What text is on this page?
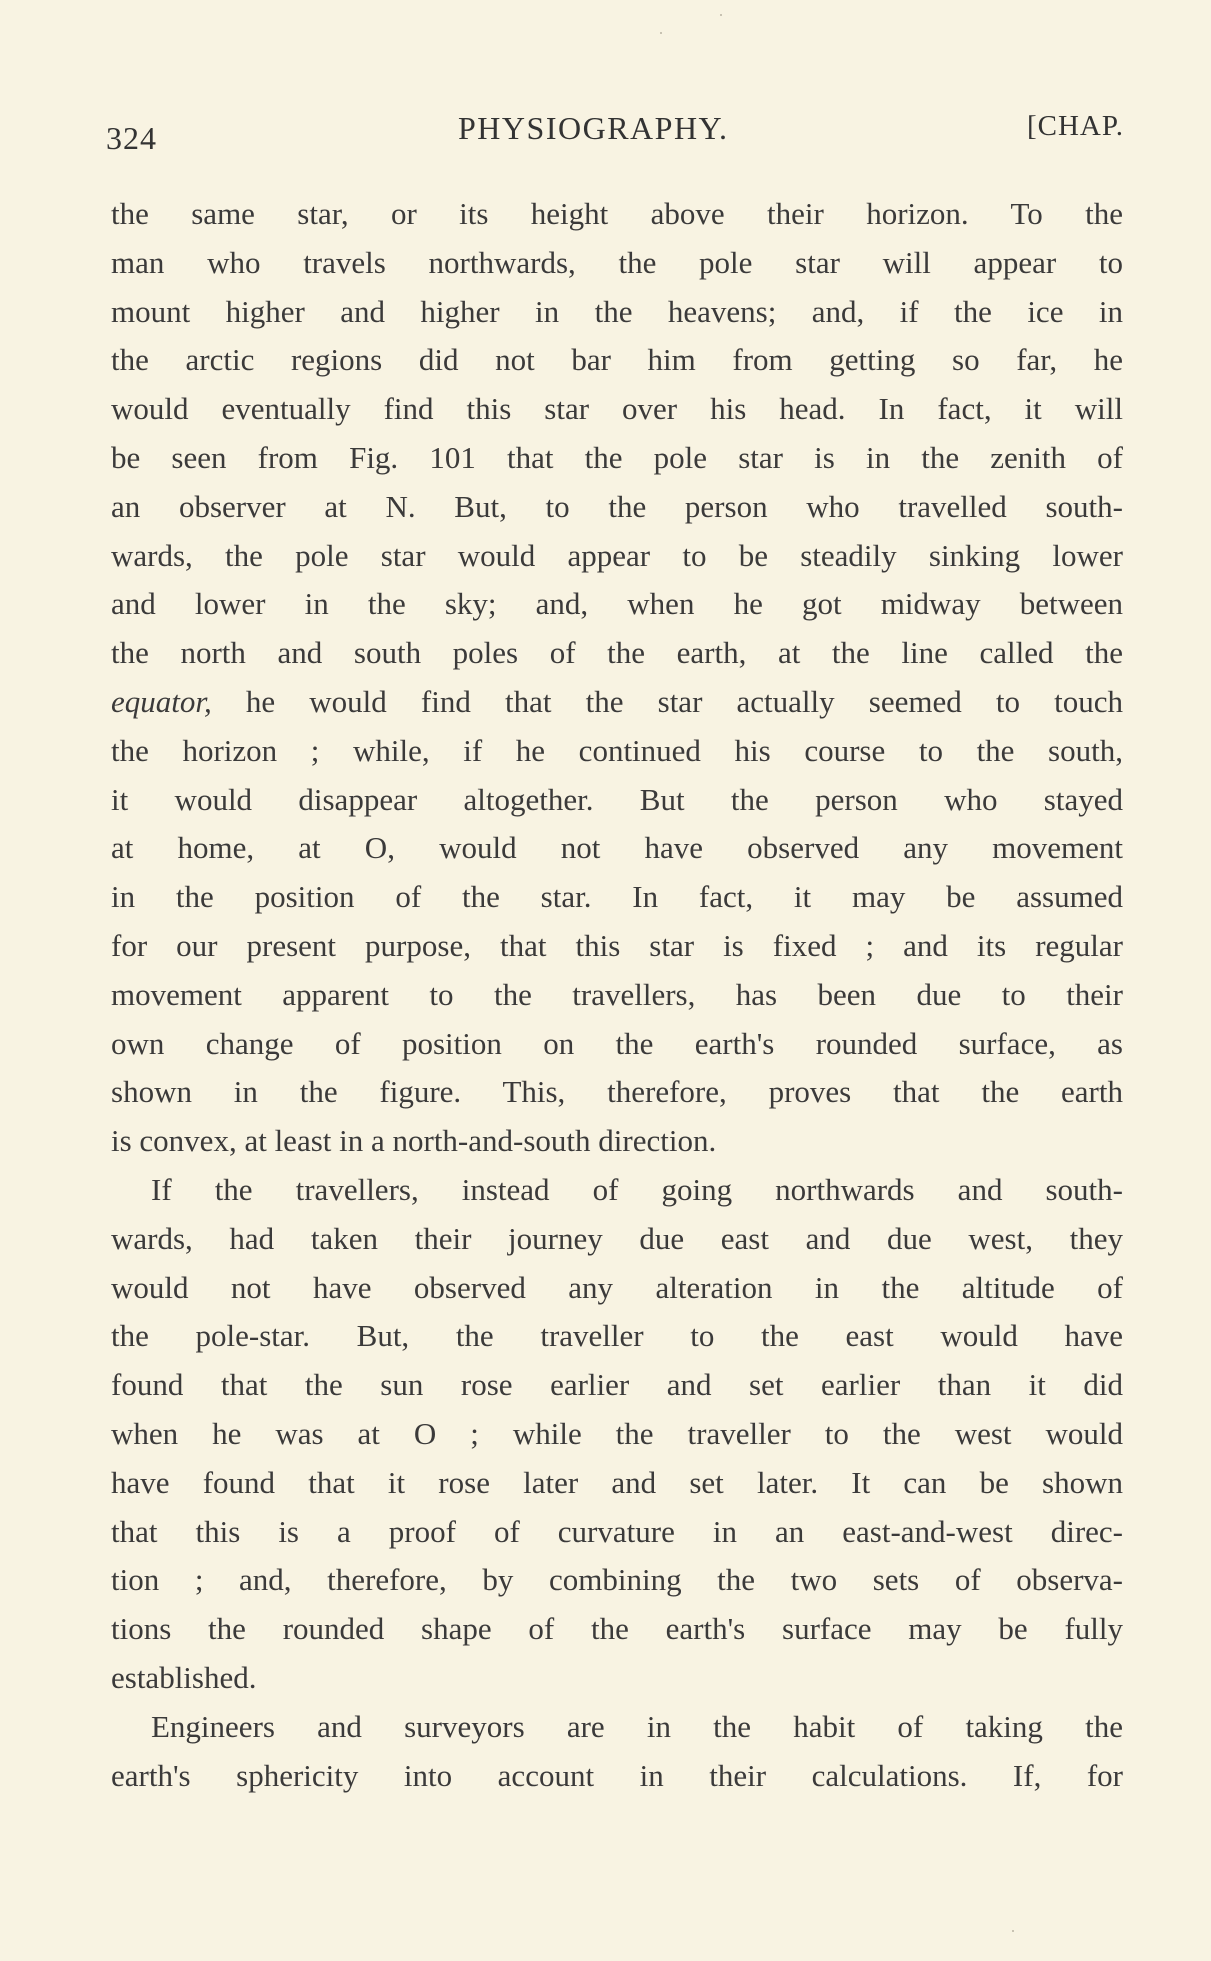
324	PHYSIOGRAPHY.	[CHAP.
the same star, or its height above their horizon. To the
man who travels northwards, the pole star will appear to
mount higher and higher in the heavens; and, if the ice in
the arctic regions did not bar him from getting so far, he
would eventually find this star over his head. In fact, it will
be seen from Fig. 101 that the pole star is in the zenith of
an observer at N. But, to the person who travelled south-
wards, the pole star would appear to be steadily sinking lower
and lower in the sky; and, when he got midway between
the north and south poles of the earth, at the line called the
equator, he would find that the star actually seemed to touch
the horizon ; while, if he continued his course to the south,
it would disappear altogether. But the person who stayed
at home, at O, would not have observed any movement
in the position of the star. In fact, it may be assumed
for our present purpose, that this star is fixed ; and its regular
movement apparent to the travellers, has been due to their
own change of position on the earth's rounded surface, as
shown in the figure. This, therefore, proves that the earth
is convex, at least in a north-and-south direction.
If the travellers, instead of going northwards and south-
wards, had taken their journey due east and due west, they
would not have observed any alteration in the altitude of
the pole-star. But, the traveller to the east would have
found that the sun rose earlier and set earlier than it did
when he was at O ; while the traveller to the west would
have found that it rose later and set later. It can be shown
that this is a proof of curvature in an east-and-west direc-
tion ; and, therefore, by combining the two sets of observa-
tions the rounded shape of the earth's surface may be fully
established.
Engineers and surveyors are in the habit of taking the
earth's sphericity into account in their calculations. If, for
